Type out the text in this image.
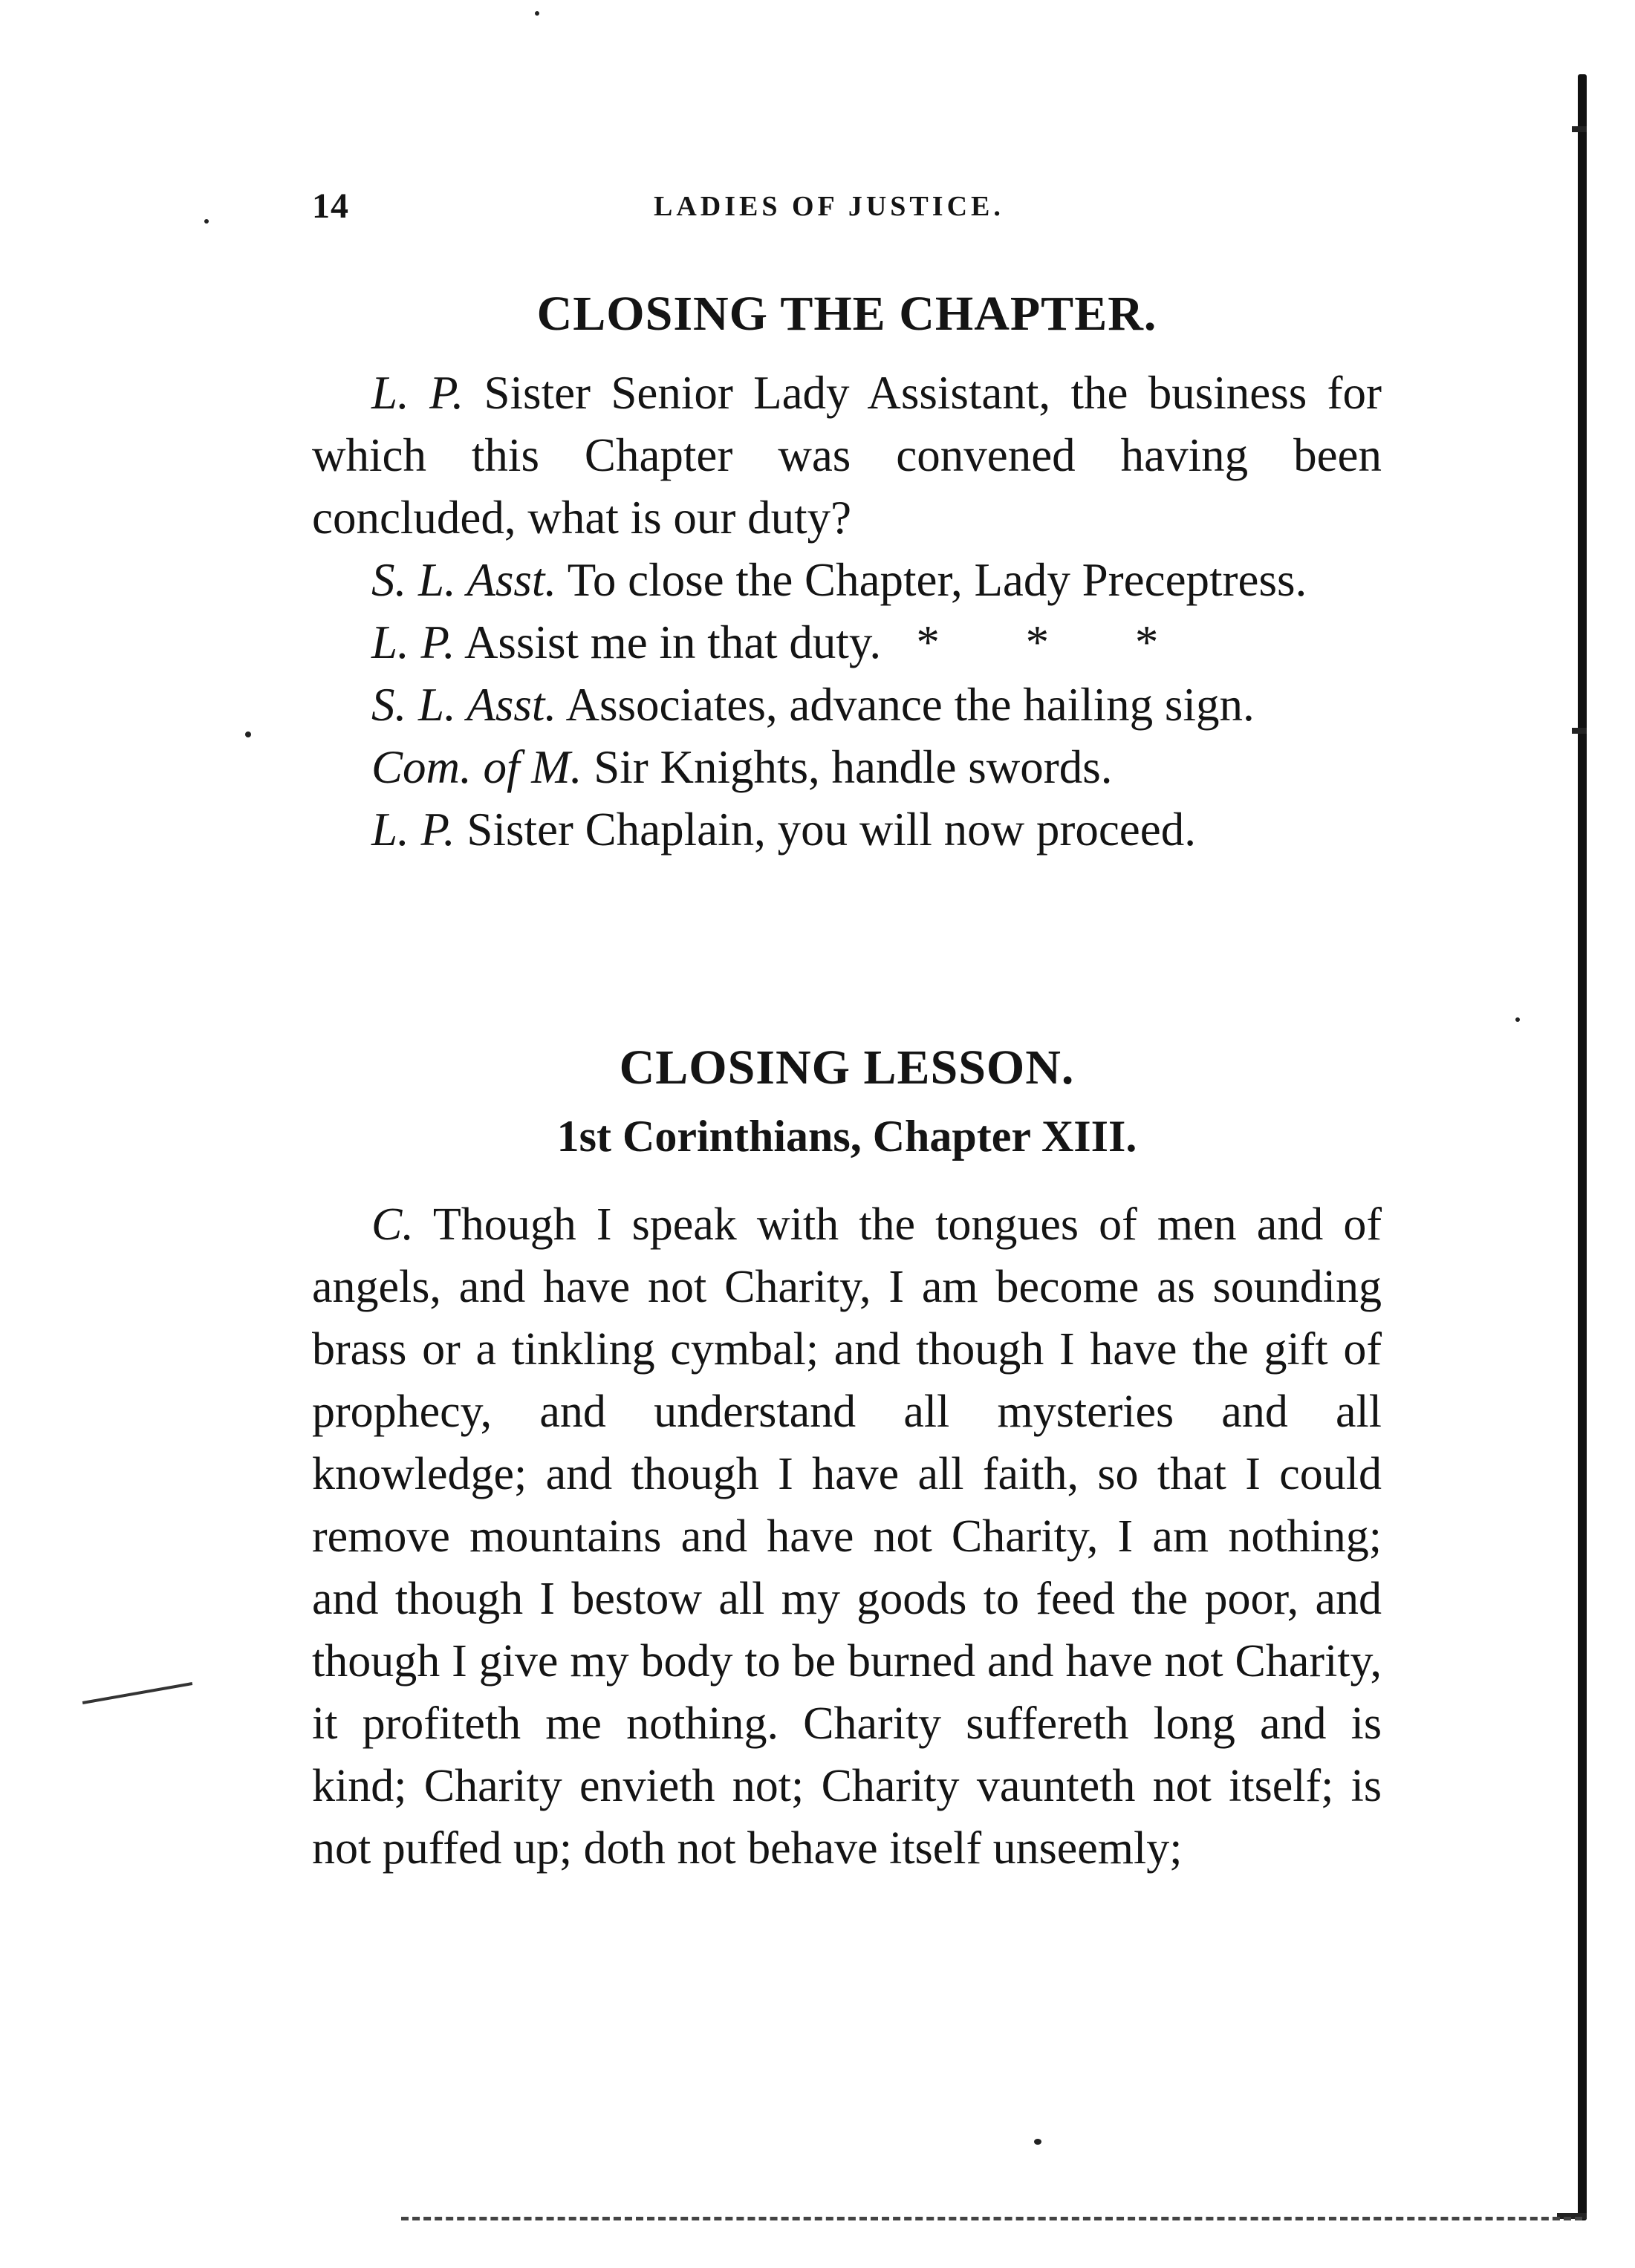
14	LADIES OF JUSTICE.
CLOSING THE CHAPTER.

L. P. Sister Senior Lady Assistant, the business for which this Chapter was convened having been concluded, what is our duty?

S. L. Asst. To close the Chapter, Lady Preceptress.

L. P. Assist me in that duty. * * *

S. L. Asst. Associates, advance the hailing sign.

Com. of M. Sir Knights, handle swords.

L. P. Sister Chaplain, you will now proceed.

CLOSING LESSON.
1st Corinthians, Chapter XIII.

C. Though I speak with the tongues of men and of angels, and have not Charity, I am become as sounding brass or a tinkling cymbal; and though I have the gift of prophecy, and understand all mysteries and all knowledge; and though I have all faith, so that I could remove mountains and have not Charity, I am nothing; and though I bestow all my goods to feed the poor, and though I give my body to be burned and have not Charity, it profiteth me nothing. Charity suffereth long and is kind; Charity envieth not; Charity vaunteth not itself; is not puffed up; doth not behave itself unseemly;
